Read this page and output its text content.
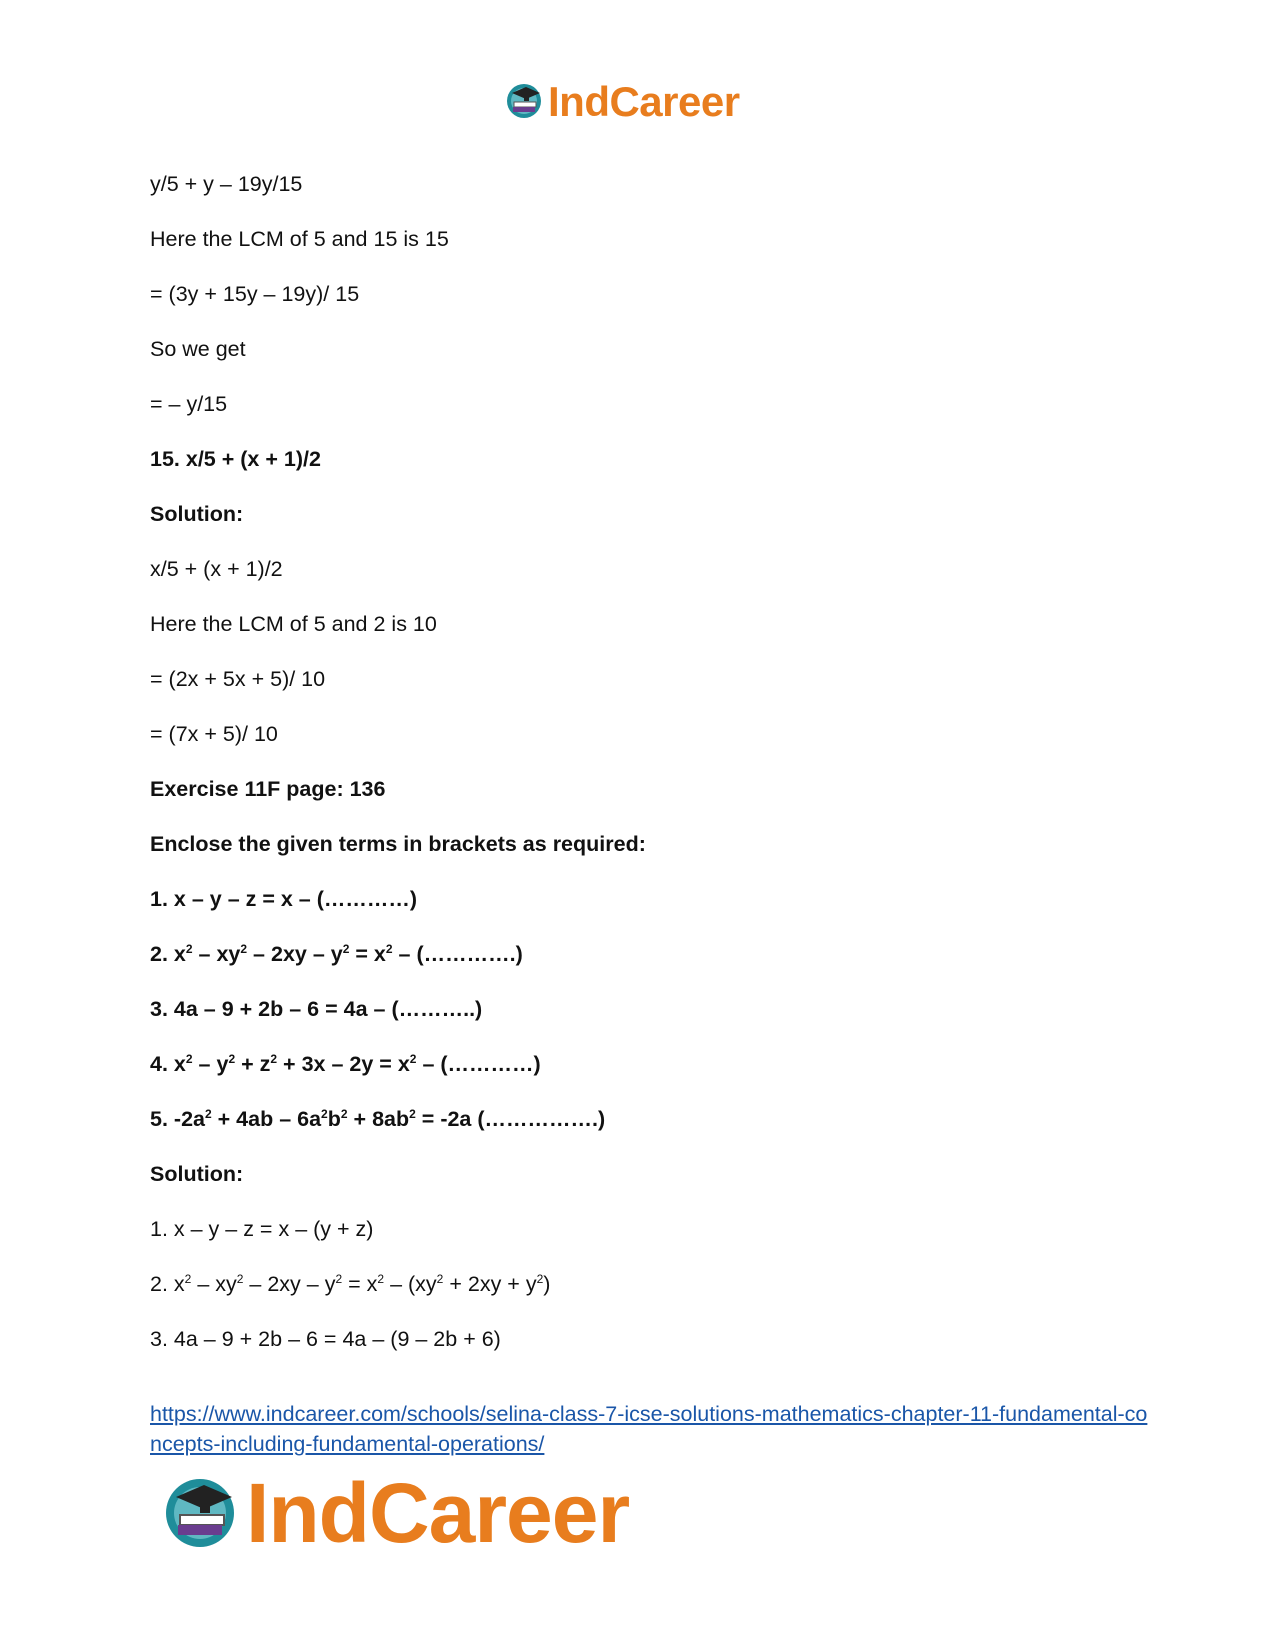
IndCareer
y/5 + y – 19y/15
Here the LCM of 5 and 15 is 15
= (3y + 15y – 19y)/ 15
So we get
= – y/15
15. x/5 + (x + 1)/2
Solution:
x/5 + (x + 1)/2
Here the LCM of 5 and 2 is 10
= (2x + 5x + 5)/ 10
= (7x + 5)/ 10
Exercise 11F page: 136
Enclose the given terms in brackets as required:
1. x – y – z = x – (…………)
2. $x^2 - xy^2 - 2xy - y^2 = x^2$ – (………….)
3. 4a – 9 + 2b – 6 = 4a – (………..)
4. $x^2 - y^2 + z^2 + 3x - 2y = x^2$ – (…………)
5. $-2a^2 + 4ab - 6a^2b^2 + 8ab^2 = -2a$ (…………….)
Solution:
1. x – y – z = x – (y + z)
2. $x^2 - xy^2 - 2xy - y^2 = x^2 - (xy^2 + 2xy + y^2)$
3. 4a – 9 + 2b – 6 = 4a – (9 – 2b + 6)
https://www.indcareer.com/schools/selina-class-7-icse-solutions-mathematics-chapter-11-fundamental-concepts-including-fundamental-operations/
IndCareer
